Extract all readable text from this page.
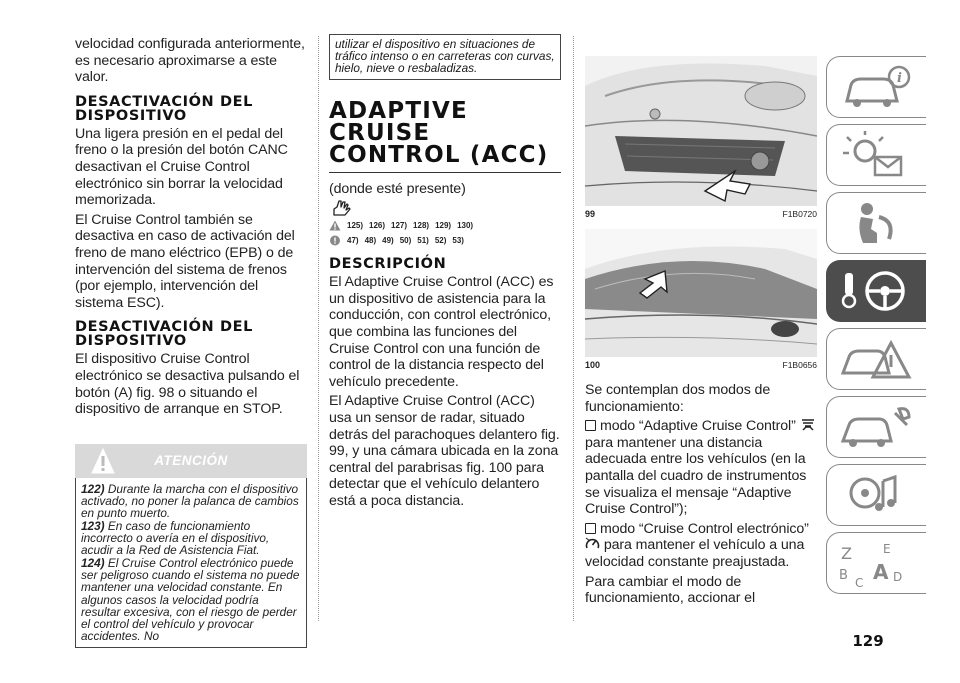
velocidad configurada anteriormente, es necesario aproximarse a este valor.

DESACTIVACIÓN DEL DISPOSITIVO

Una ligera presión en el pedal del freno o la presión del botón CANC desactivan el Cruise Control electrónico sin borrar la velocidad memorizada.

El Cruise Control también se desactiva en caso de activación del freno de mano eléctrico (EPB) o de intervención del sistema de frenos (por ejemplo, intervención del sistema ESC).

DESACTIVACIÓN DEL DISPOSITIVO

El dispositivo Cruise Control electrónico se desactiva pulsando el botón (A) fig. 98 o situando el dispositivo de arranque en STOP.

ATENCIÓN
122) Durante la marcha con el dispositivo activado, no poner la palanca de cambios en punto muerto.
123) En caso de funcionamiento incorrecto o avería en el dispositivo, acudir a la Red de Asistencia Fiat.
124) El Cruise Control electrónico puede ser peligroso cuando el sistema no puede mantener una velocidad constante. En algunos casos la velocidad podría resultar excesiva, con el riesgo de perder el control del vehículo y provocar accidentes. No
utilizar el dispositivo en situaciones de tráfico intenso o en carreteras con curvas, hielo, nieve o resbaladizas.
ADAPTIVE CRUISE CONTROL (ACC)

(donde esté presente)

125) 126) 127) 128) 129) 130)
47) 48) 49) 50) 51) 52) 53)
DESCRIPCIÓN

El Adaptive Cruise Control (ACC) es un dispositivo de asistencia para la conducción, con control electrónico, que combina las funciones del Cruise Control con una función de control de la distancia respecto del vehículo precedente.

El Adaptive Cruise Control (ACC) usa un sensor de radar, situado detrás del parachoques delantero fig. 99, y una cámara ubicada en la zona central del parabrisas fig. 100 para detectar que el vehículo delantero está a poca distancia.

99	F1B0720
100	F1B0656

Se contemplan dos modos de funcionamiento:

modo “Adaptive Cruise Control”  para mantener una distancia adecuada entre los vehículos (en la pantalla del cuadro de instrumentos se visualiza el mensaje “Adaptive Cruise Control”);

modo “Cruise Control electrónico”
para mantener el vehículo a una velocidad constante preajustada.

Para cambiar el modo de funcionamiento, accionar el

i
Z	E
B A
C D
129
